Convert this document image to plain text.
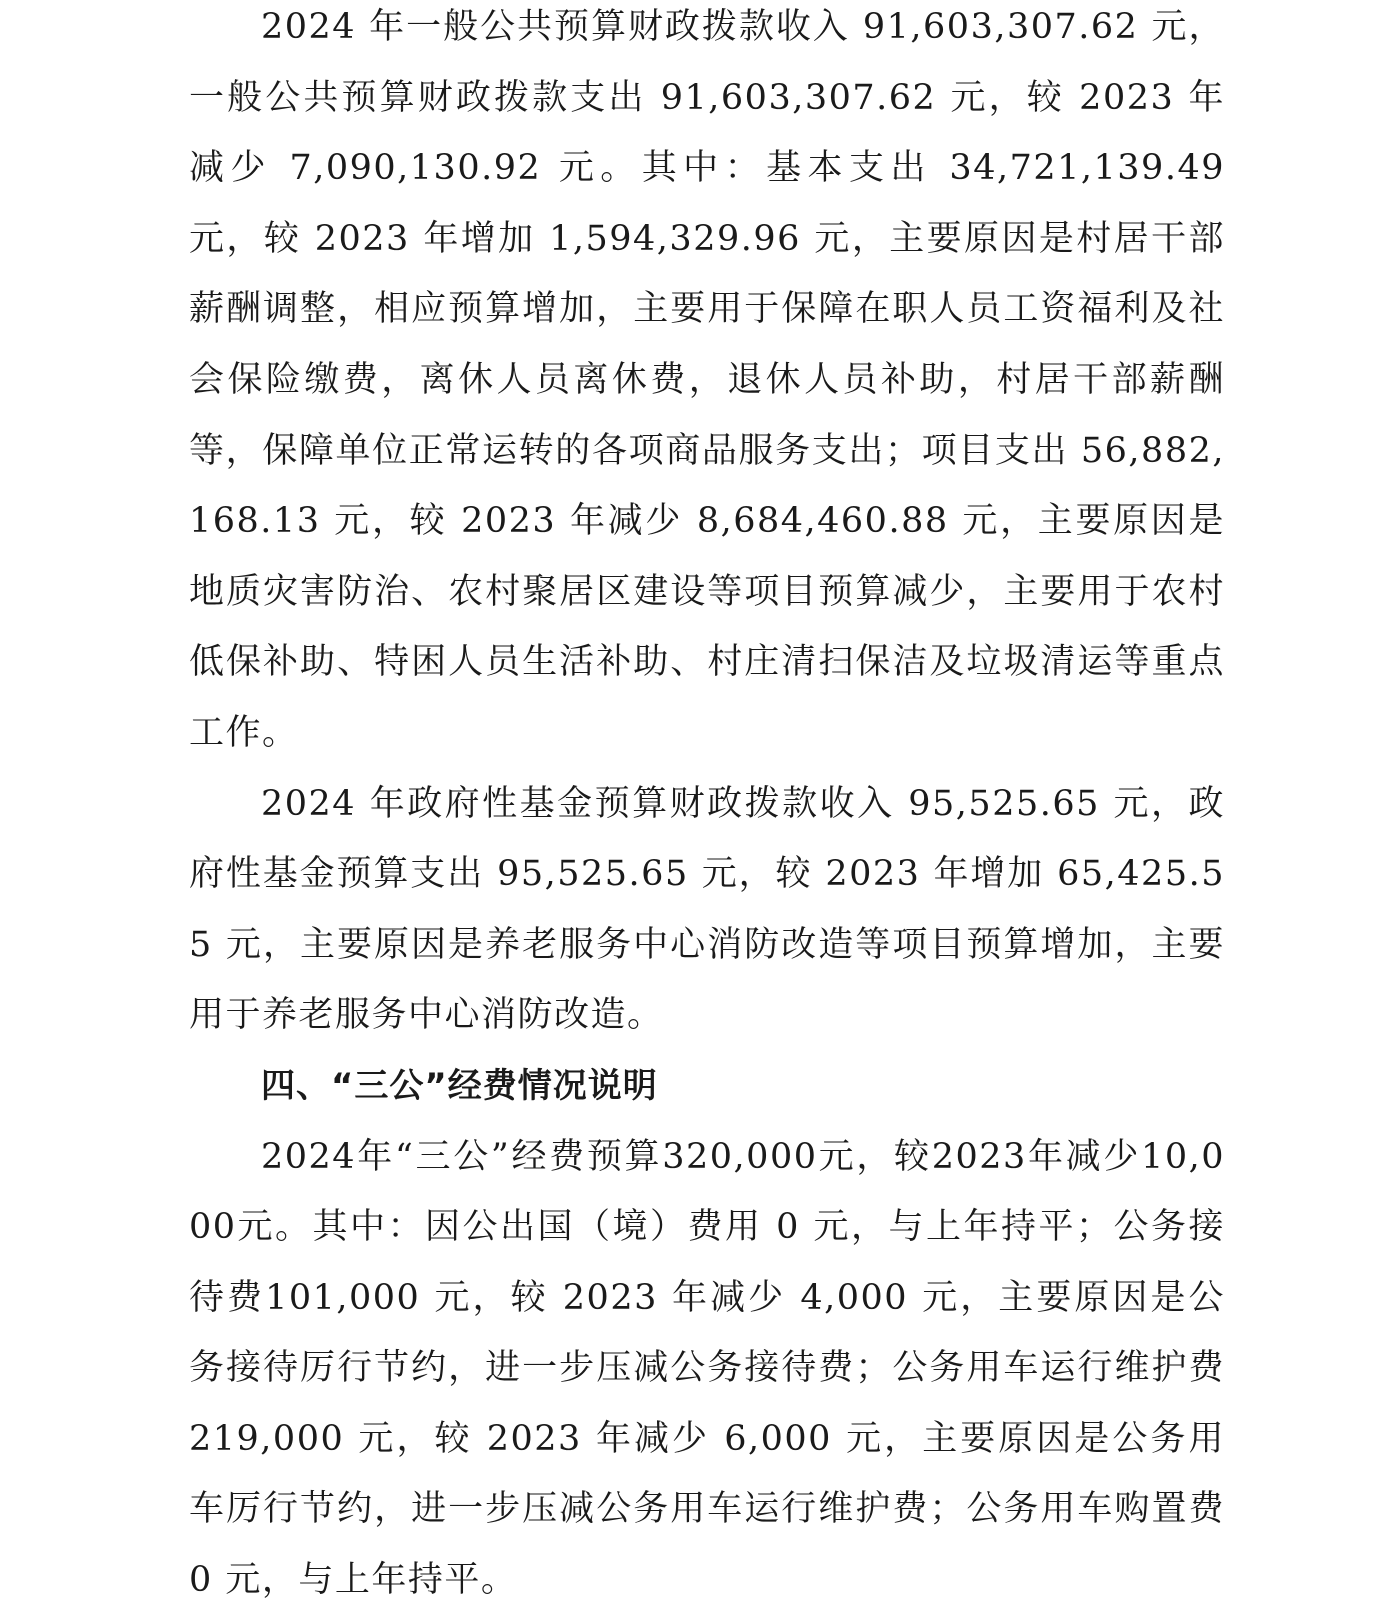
2024 年一般公共预算财政拨款收入 91,603,307.62 元，一般公共预算财政拨款支出 91,603,307.62 元，较 2023 年减少 7,090,130.92 元。其中：基本支出 34,721,139.49 元，较 2023 年增加 1,594,329.96 元，主要原因是村居干部薪酬调整，相应预算增加，主要用于保障在职人员工资福利及社会保险缴费，离休人员离休费，退休人员补助，村居干部薪酬等，保障单位正常运转的各项商品服务支出；项目支出 56,882,168.13 元，较 2023 年减少 8,684,460.88 元，主要原因是地质灾害防治、农村聚居区建设等项目预算减少，主要用于农村低保补助、特困人员生活补助、村庄清扫保洁及垃圾清运等重点工作。

2024 年政府性基金预算财政拨款收入 95,525.65 元，政府性基金预算支出 95,525.65 元，较 2023 年增加 65,425.55 元，主要原因是养老服务中心消防改造等项目预算增加，主要用于养老服务中心消防改造。

四、“三公”经费情况说明

2024年“三公”经费预算320,000元，较2023年减少10,000元。其中：因公出国（境）费用 0 元，与上年持平；公务接待费101,000 元，较 2023 年减少 4,000 元，主要原因是公务接待厉行节约，进一步压减公务接待费；公务用车运行维护费 219,000 元，较 2023 年减少 6,000 元，主要原因是公务用车厉行节约，进一步压减公务用车运行维护费；公务用车购置费 0 元，与上年持平。
